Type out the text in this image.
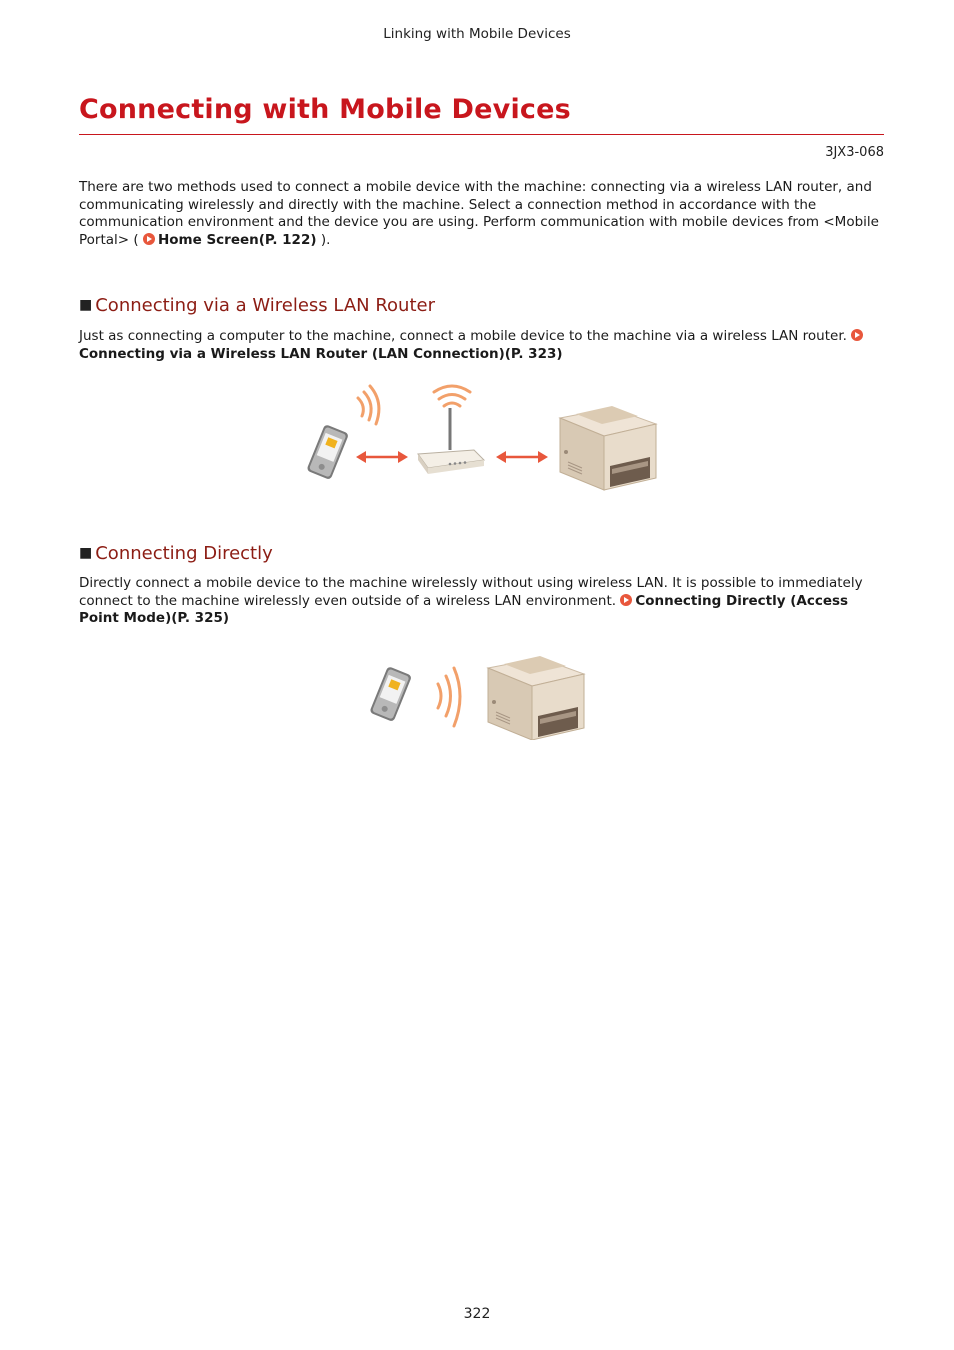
Linking with Mobile Devices
Connecting with Mobile Devices
3JX3-068

There are two methods used to connect a mobile device with the machine: connecting via a wireless LAN router, and communicating wirelessly and directly with the machine. Select a connection method in accordance with the communication environment and the device you are using. Perform communication with mobile devices from <Mobile Portal> ( Home Screen(P. 122) ).

■ Connecting via a Wireless LAN Router

Just as connecting a computer to the machine, connect a mobile device to the machine via a wireless LAN router. Connecting via a Wireless LAN Router (LAN Connection)(P. 323)

■ Connecting Directly

Directly connect a mobile device to the machine wirelessly without using wireless LAN. It is possible to immediately connect to the machine wirelessly even outside of a wireless LAN environment. Connecting Directly (Access Point Mode)(P. 325)

322
